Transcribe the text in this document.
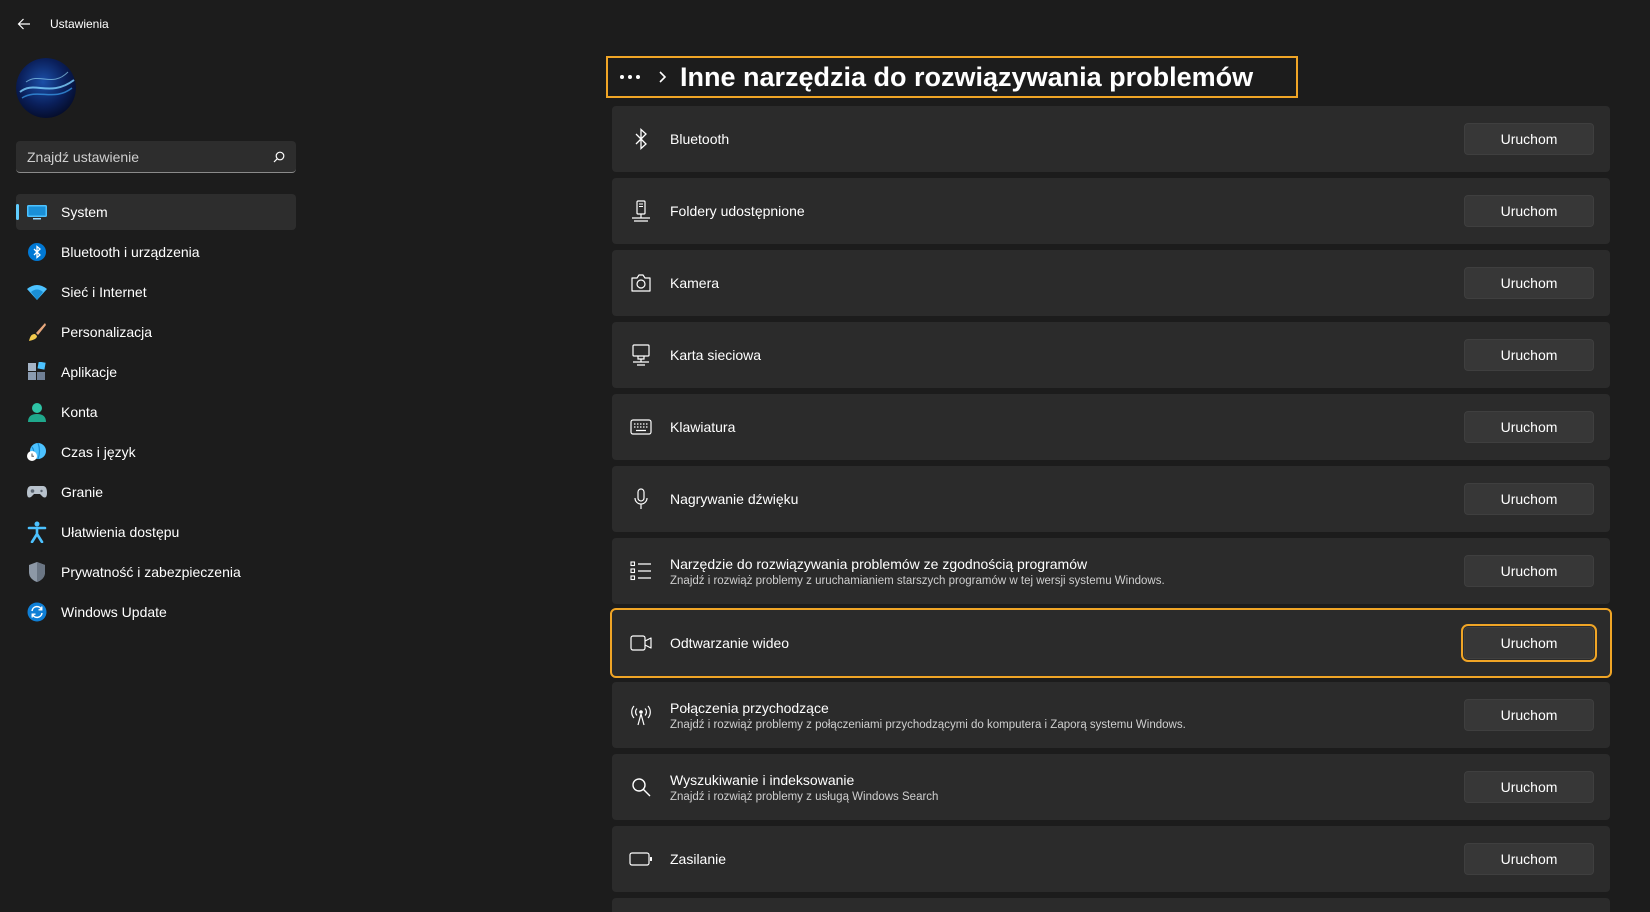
Ustawienia
Znajdź ustawienie
System
Bluetooth i urządzenia
Sieć i Internet
Personalizacja
Aplikacje
Konta
Czas i język
Granie
Ułatwienia dostępu
Prywatność i zabezpieczenia
Windows Update
Inne narzędzia do rozwiązywania problemów
Bluetooth	Uruchom
Foldery udostępnione	Uruchom
Kamera	Uruchom
Karta sieciowa	Uruchom
Klawiatura	Uruchom
Nagrywanie dźwięku	Uruchom
Narzędzie do rozwiązywania problemów ze zgodnością programów
Znajdź i rozwiąż problemy z uruchamianiem starszych programów w tej wersji systemu Windows.
Uruchom
Odtwarzanie wideo	Uruchom
Połączenia przychodzące
Znajdź i rozwiąż problemy z połączeniami przychodzącymi do komputera i Zaporą systemu Windows.
Uruchom
Wyszukiwanie i indeksowanie
Znajdź i rozwiąż problemy z usługą Windows Search
Uruchom
Zasilanie	Uruchom
